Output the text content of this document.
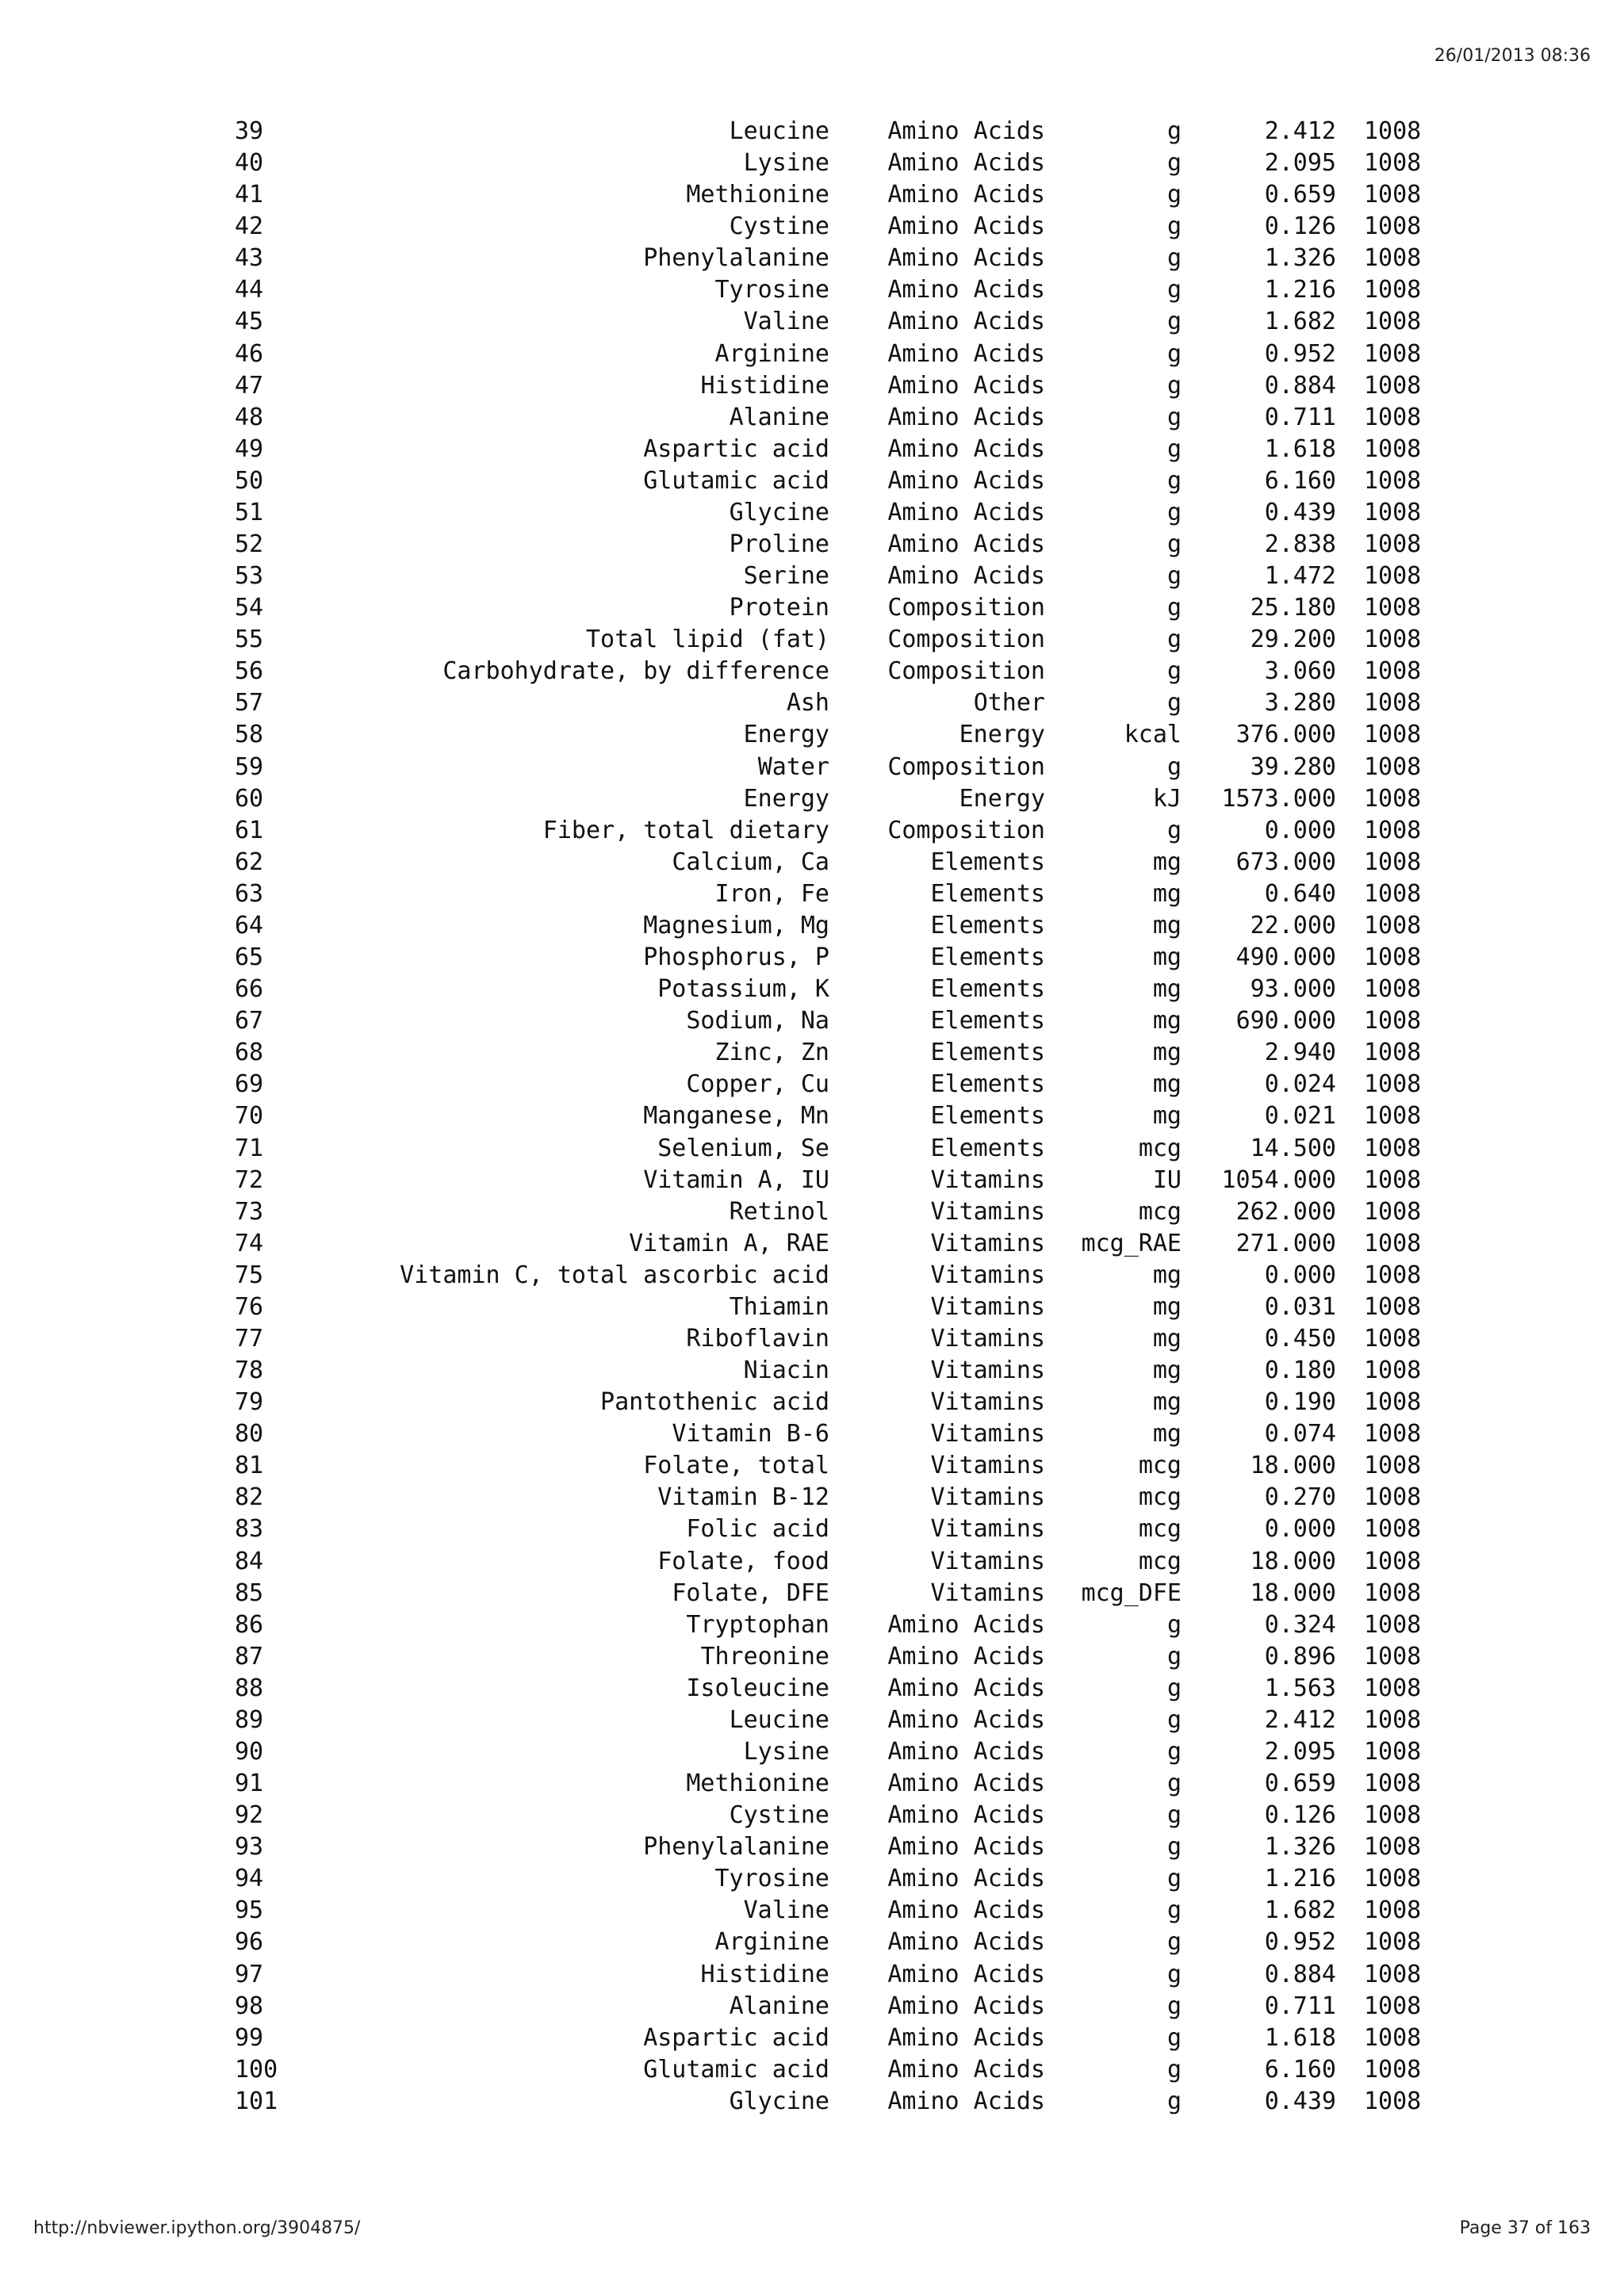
26/01/2013 08:36
39	Leucine Amino Acids	g	2.412 1008
40	Lysine Amino Acids	g	2.095 1008
41	Methionine Amino Acids	g	0.659 1008
42	Cystine Amino Acids	g	0.126 1008
43	Phenylalanine Amino Acids	g	1.326 1008
44	Tyrosine Amino Acids	g	1.216 1008
45	Valine Amino Acids	g	1.682 1008
46	Arginine Amino Acids	g	0.952 1008
47	Histidine Amino Acids	g	0.884 1008
48	Alanine Amino Acids	g	0.711 1008
49	Aspartic acid Amino Acids	g	1.618 1008
50	Glutamic acid Amino Acids	g	6.160 1008
51	Glycine Amino Acids	g	0.439 1008
52	Proline Amino Acids	g	2.838 1008
53	Serine Amino Acids	g	1.472 1008
54	Protein Composition	g	25.180 1008
55	Total lipid (fat) Composition	g	29.200 1008
56	Carbohydrate, by difference Composition	g	3.060 1008
57	Ash	Other	g	3.280 1008
58	Energy	Energy	kcal 376.000 1008
59	Water Composition	g	39.280 1008
60	Energy	Energy	kJ 1573.000 1008
61	Fiber, total dietary Composition	g	0.000 1008
62	Calcium, Ca	Elements	mg 673.000 1008
63	Iron, Fe	Elements	mg	0.640 1008
64	Magnesium, Mg	Elements	mg	22.000 1008
65	Phosphorus, P	Elements	mg 490.000 1008
66	Potassium, K	Elements	mg	93.000 1008
67	Sodium, Na	Elements	mg 690.000 1008
68	Zinc, Zn	Elements	mg	2.940 1008
69	Copper, Cu	Elements	mg	0.024 1008
70	Manganese, Mn	Elements	mg	0.021 1008
71	Selenium, Se	Elements	mcg	14.500 1008
72	Vitamin A, IU	Vitamins	IU 1054.000 1008
73	Retinol	Vitamins	mcg 262.000 1008
74	Vitamin A, RAE	Vitamins mcg_RAE 271.000 1008
75	Vitamin C, total ascorbic acid	Vitamins	mg	0.000 1008
76	Thiamin	Vitamins	mg	0.031 1008
77	Riboflavin	Vitamins	mg	0.450 1008
78	Niacin	Vitamins	mg	0.180 1008
79	Pantothenic acid	Vitamins	mg	0.190 1008
80	Vitamin B-6	Vitamins	mg	0.074 1008
81	Folate, total	Vitamins	mcg	18.000 1008
82	Vitamin B-12	Vitamins	mcg	0.270 1008
83	Folic acid	Vitamins	mcg	0.000 1008
84	Folate, food	Vitamins	mcg	18.000 1008
85	Folate, DFE	Vitamins mcg_DFE	18.000 1008
86	Tryptophan Amino Acids	g	0.324 1008
87	Threonine Amino Acids	g	0.896 1008
88	Isoleucine Amino Acids	g	1.563 1008
89	Leucine Amino Acids	g	2.412 1008
90	Lysine Amino Acids	g	2.095 1008
91	Methionine Amino Acids	g	0.659 1008
92	Cystine Amino Acids	g	0.126 1008
93	Phenylalanine Amino Acids	g	1.326 1008
94	Tyrosine Amino Acids	g	1.216 1008
95	Valine Amino Acids	g	1.682 1008
96	Arginine Amino Acids	g	0.952 1008
97	Histidine Amino Acids	g	0.884 1008
98	Alanine Amino Acids	g	0.711 1008
99	Aspartic acid Amino Acids	g	1.618 1008
100	Glutamic acid Amino Acids	g	6.160 1008
101	Glycine Amino Acids	g	0.439 1008
http://nbviewer.ipython.org/3904875/	Page 37 of 163
